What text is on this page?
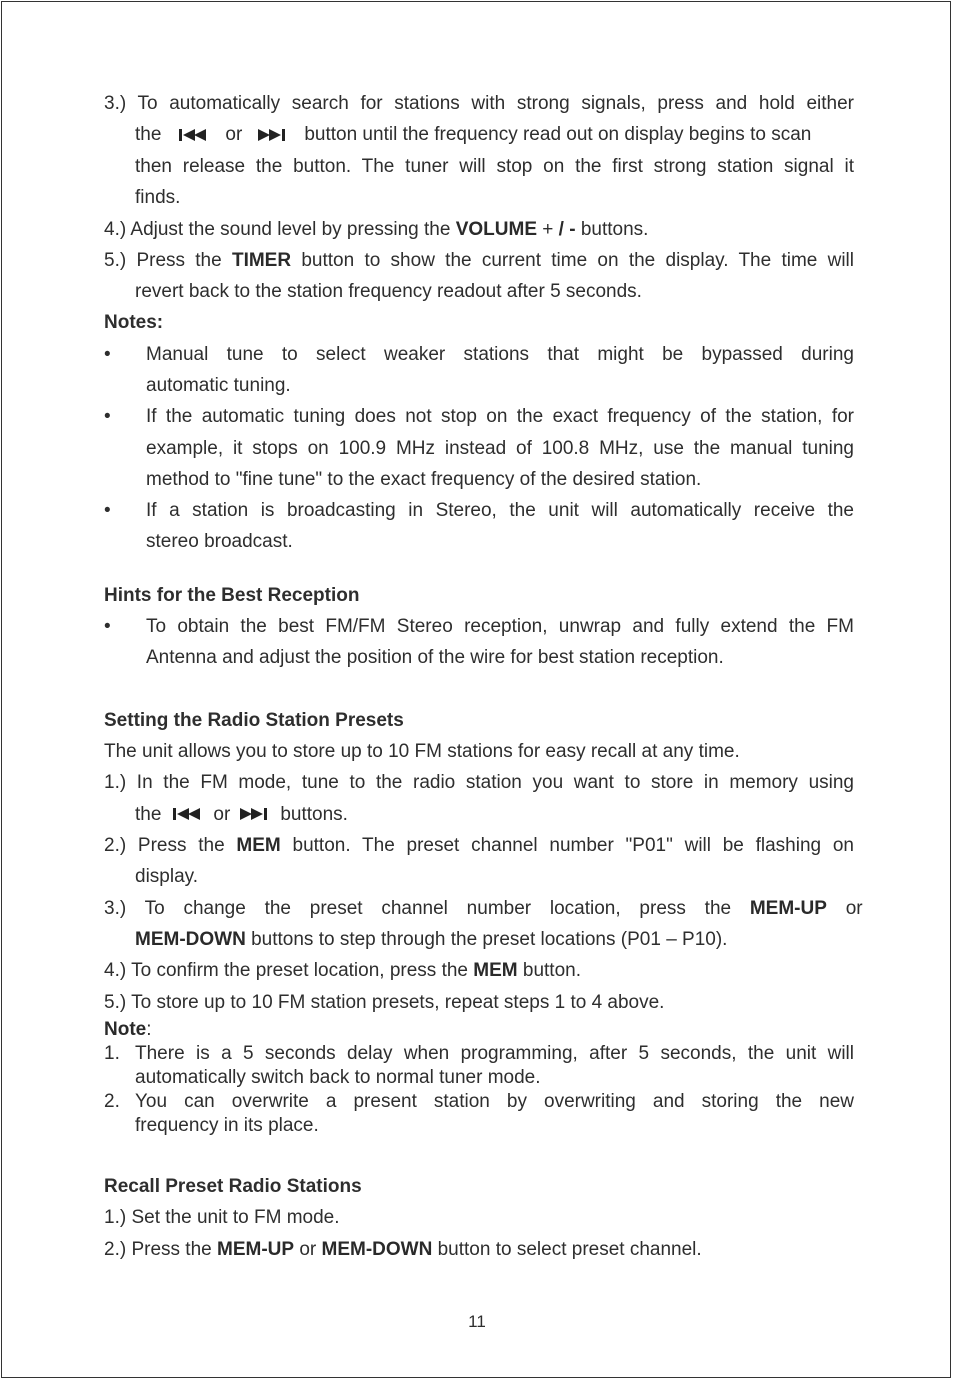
3.) To automatically search for stations with strong signals, press and hold either
the	or	button until the frequency read out on display begins to scan
then release the button. The tuner will stop on the first strong station signal it
finds.
4.) Adjust the sound level by pressing the VOLUME + / - buttons.
5.) Press the TIMER button to show the current time on the display. The time will
revert back to the station frequency readout after 5 seconds.
Notes:
• Manual tune to select weaker stations that might be bypassed during
automatic tuning.
• If the automatic tuning does not stop on the exact frequency of the station, for
example, it stops on 100.9 MHz instead of 100.8 MHz, use the manual tuning
method to "fine tune" to the exact frequency of the desired station.
• If a station is broadcasting in Stereo, the unit will automatically receive the
stereo broadcast.
Hints for the Best Reception
• To obtain the best FM/FM Stereo reception, unwrap and fully extend the FM
Antenna and adjust the position of the wire for best station reception.
Setting the Radio Station Presets
The unit allows you to store up to 10 FM stations for easy recall at any time.
1.) In the FM mode, tune to the radio station you want to store in memory using
the	or	buttons.
2.) Press the MEM button. The preset channel number "P01" will be flashing on
display.
3.) To change the preset channel number location, press the MEM-UP or
MEM-DOWN buttons to step through the preset locations (P01 – P10).
4.) To confirm the preset location, press the MEM button.
5.) To store up to 10 FM station presets, repeat steps 1 to 4 above.
Note:
1. There is a 5 seconds delay when programming, after 5 seconds, the unit will
automatically switch back to normal tuner mode.
2. You can overwrite a present station by overwriting and storing the new
frequency in its place.
Recall Preset Radio Stations
1.) Set the unit to FM mode.
2.) Press the MEM-UP or MEM-DOWN button to select preset channel.
11
